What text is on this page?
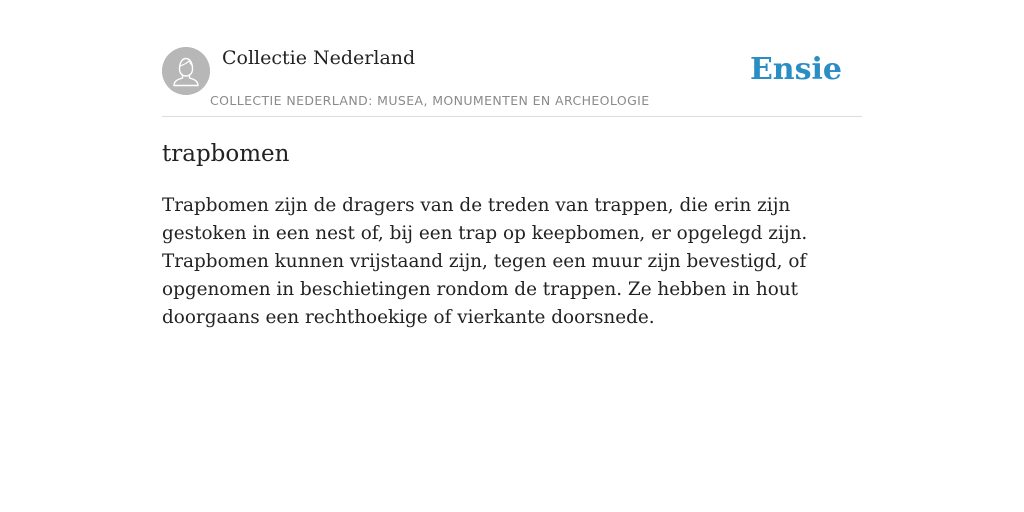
Collectie Nederland
COLLECTIE NEDERLAND: MUSEA, MONUMENTEN EN ARCHEOLOGIE
Ensie
trapbomen

Trapbomen zijn de dragers van de treden van trappen, die erin zijn gestoken in een nest of, bij een trap op keepbomen, er opgelegd zijn. Trapbomen kunnen vrijstaand zijn, tegen een muur zijn bevestigd, of opgenomen in beschietingen rondom de trappen. Ze hebben in hout doorgaans een rechthoekige of vierkante doorsnede.
